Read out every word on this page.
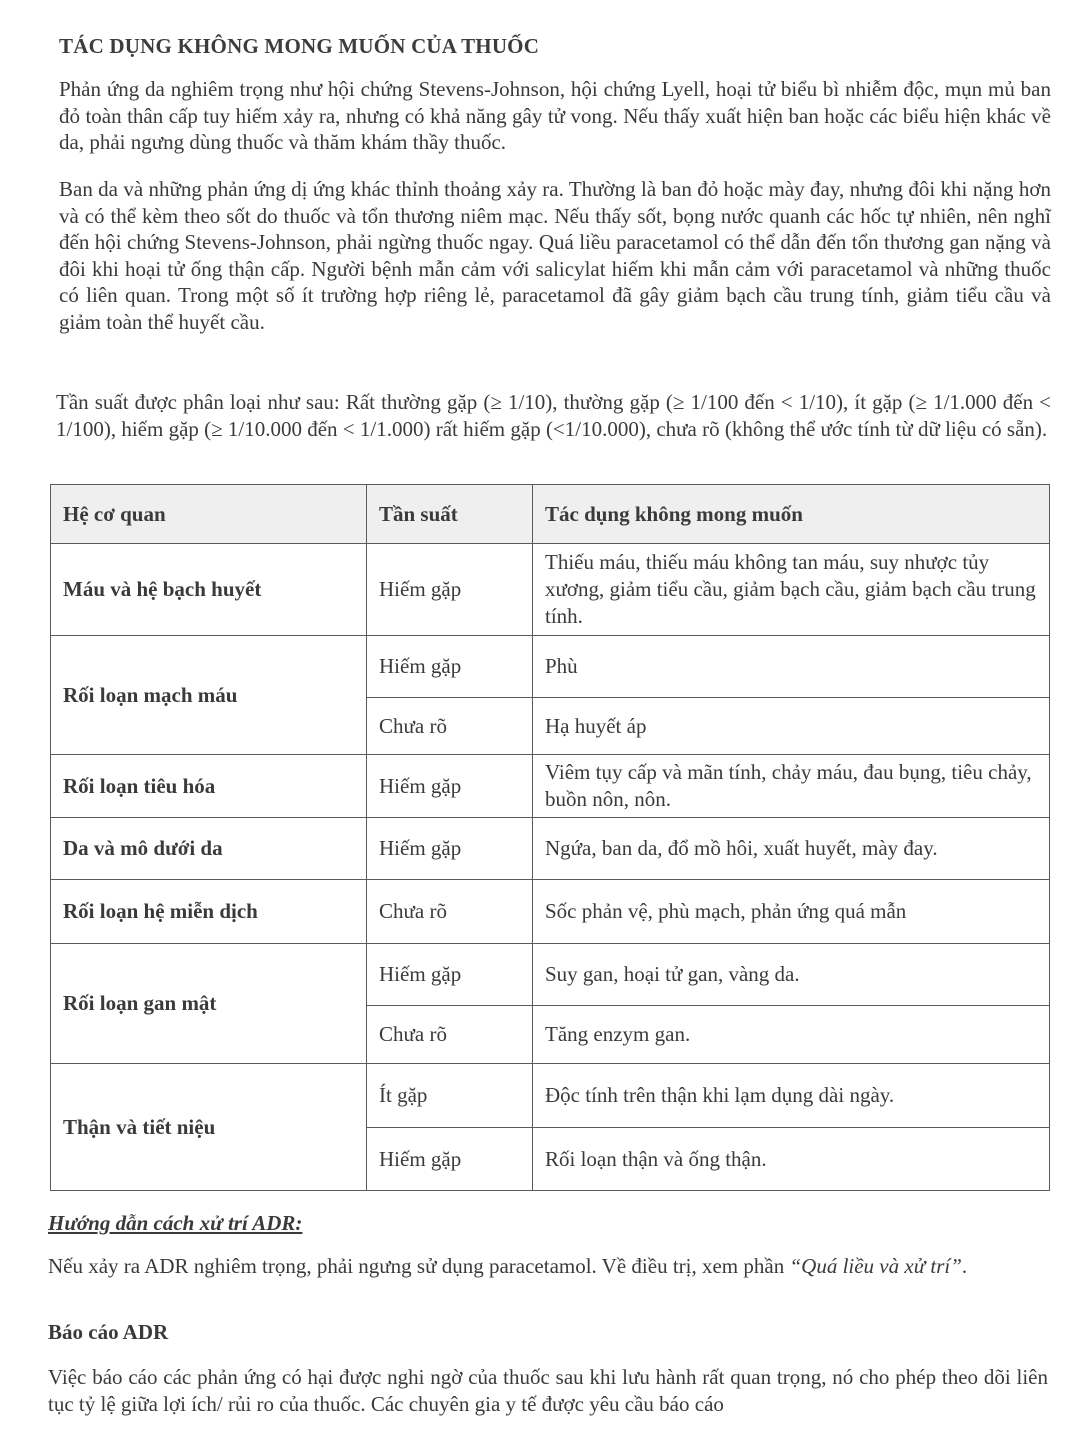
TÁC DỤNG KHÔNG MONG MUỐN CỦA THUỐC

Phản ứng da nghiêm trọng như hội chứng Stevens-Johnson, hội chứng Lyell, hoại tử biểu bì nhiễm độc, mụn mủ ban đỏ toàn thân cấp tuy hiếm xảy ra, nhưng có khả năng gây tử vong. Nếu thấy xuất hiện ban hoặc các biểu hiện khác về da, phải ngưng dùng thuốc và thăm khám thầy thuốc.

Ban da và những phản ứng dị ứng khác thỉnh thoảng xảy ra. Thường là ban đỏ hoặc mày đay, nhưng đôi khi nặng hơn và có thể kèm theo sốt do thuốc và tổn thương niêm mạc. Nếu thấy sốt, bọng nước quanh các hốc tự nhiên, nên nghĩ đến hội chứng Stevens-Johnson, phải ngừng thuốc ngay. Quá liều paracetamol có thể dẫn đến tổn thương gan nặng và đôi khi hoại tử ống thận cấp. Người bệnh mẫn cảm với salicylat hiếm khi mẫn cảm với paracetamol và những thuốc có liên quan. Trong một số ít trường hợp riêng lẻ, paracetamol đã gây giảm bạch cầu trung tính, giảm tiểu cầu và giảm toàn thể huyết cầu.

Tần suất được phân loại như sau: Rất thường gặp (≥ 1/10), thường gặp (≥ 1/100 đến < 1/10), ít gặp (≥ 1/1.000 đến < 1/100), hiếm gặp (≥ 1/10.000 đến < 1/1.000) rất hiếm gặp (<1/10.000), chưa rõ (không thể ước tính từ dữ liệu có sẵn).

Hệ cơ quan	Tần suất	Tác dụng không mong muốn
Máu và hệ bạch huyết	Hiếm gặp	Thiếu máu, thiếu máu không tan máu, suy nhược tủy xương, giảm tiểu cầu, giảm bạch cầu, giảm bạch cầu trung tính.
Rối loạn mạch máu	Hiếm gặp	Phù
	Chưa rõ	Hạ huyết áp
Rối loạn tiêu hóa	Hiếm gặp	Viêm tụy cấp và mãn tính, chảy máu, đau bụng, tiêu chảy, buồn nôn, nôn.
Da và mô dưới da	Hiếm gặp	Ngứa, ban da, đổ mồ hôi, xuất huyết, mày đay.
Rối loạn hệ miễn dịch	Chưa rõ	Sốc phản vệ, phù mạch, phản ứng quá mẫn
Rối loạn gan mật	Hiếm gặp	Suy gan, hoại tử gan, vàng da.
	Chưa rõ	Tăng enzym gan.
Thận và tiết niệu	Ít gặp	Độc tính trên thận khi lạm dụng dài ngày.
	Hiếm gặp	Rối loạn thận và ống thận.

Hướng dẫn cách xử trí ADR:

Nếu xảy ra ADR nghiêm trọng, phải ngưng sử dụng paracetamol. Về điều trị, xem phần “Quá liều và xử trí”.

Báo cáo ADR

Việc báo cáo các phản ứng có hại được nghi ngờ của thuốc sau khi lưu hành rất quan trọng, nó cho phép theo dõi liên tục tỷ lệ giữa lợi ích/ rủi ro của thuốc. Các chuyên gia y tế được yêu cầu báo cáo
